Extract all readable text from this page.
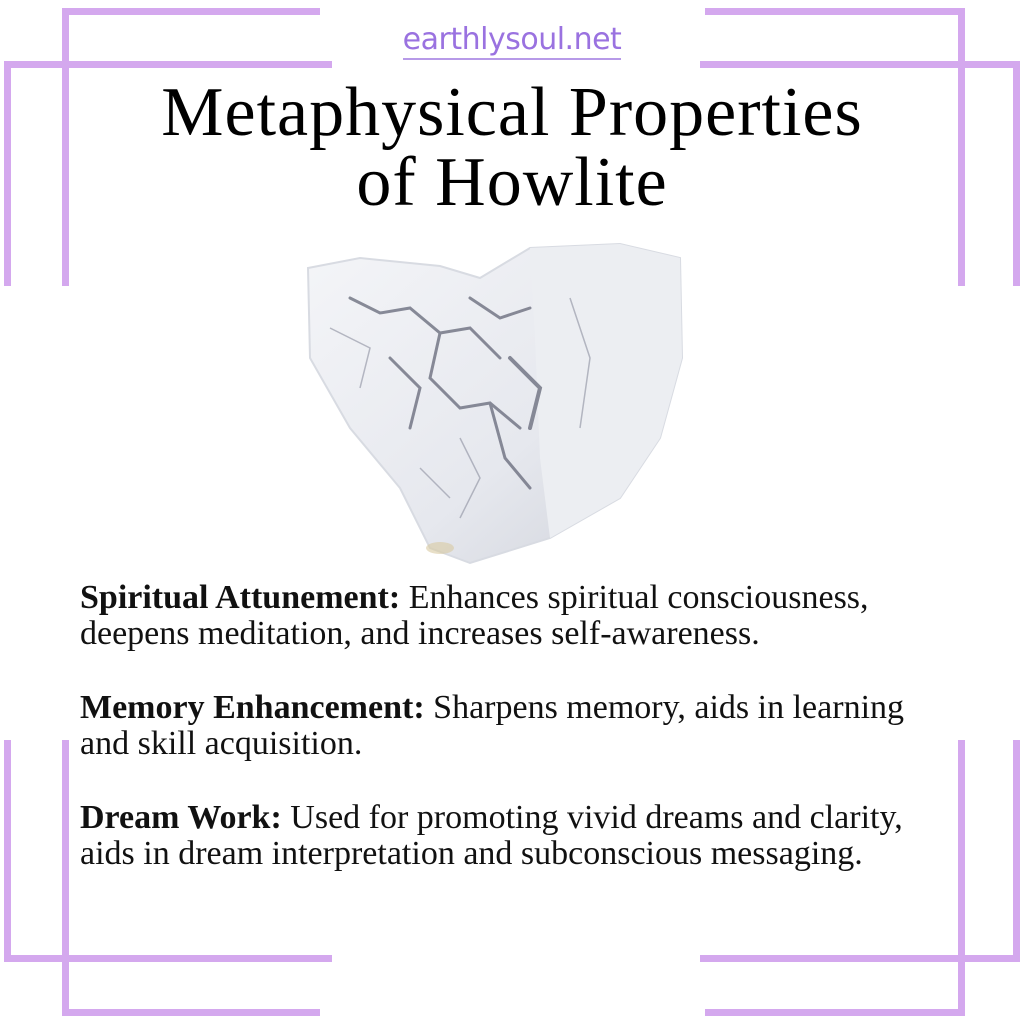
earthlysoul.net
Metaphysical Properties
of Howlite

Spiritual Attunement: Enhances spiritual consciousness, deepens meditation, and increases self-awareness.

Memory Enhancement: Sharpens memory, aids in learning and skill acquisition.

Dream Work: Used for promoting vivid dreams and clarity, aids in dream interpretation and subconscious messaging.
